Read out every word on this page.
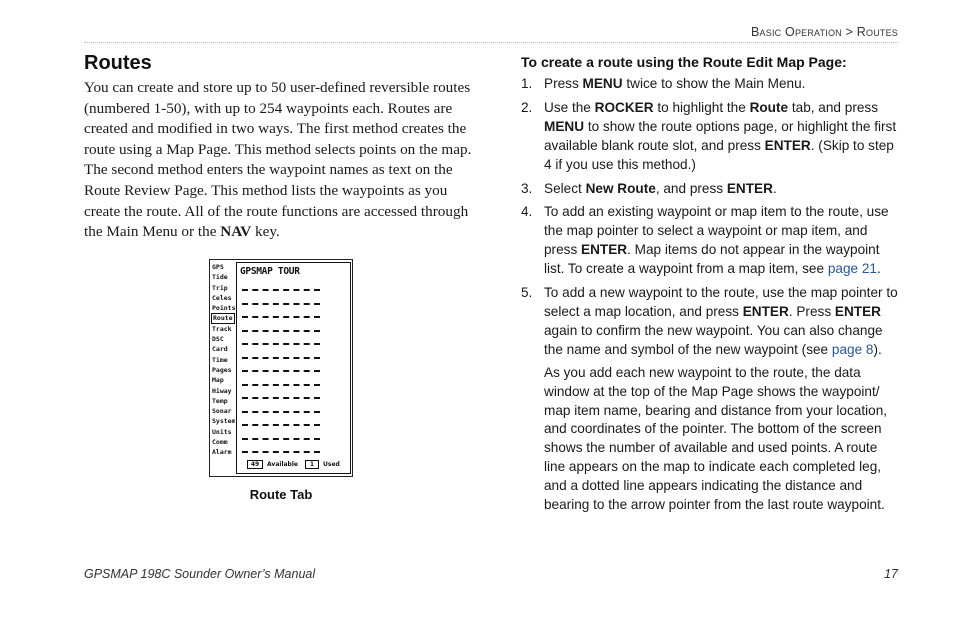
Basic Operation > Routes
Routes
You can create and store up to 50 user-defined reversible routes (numbered 1-50), with up to 254 waypoints each. Routes are created and modified in two ways. The first method creates the route using a Map Page. This method selects points on the map. The second method enters the waypoint names as text on the Route Review Page. This method lists the waypoints as you create the route. All of the route functions are accessed through the Main Menu or the NAV key.
GPS
Tide
Trip
Celes
Points
Route
Track
DSC
Card
Time
Pages
Map
Hiway
Temp
Sonar
System
Units
Comm
Alarm
GPSMAP TOUR
49	Available	1	Used
Route Tab
To create a route using the Route Edit Map Page:
1. Press MENU twice to show the Main Menu.
2. Use the ROCKER to highlight the Route tab, and press MENU to show the route options page, or highlight the first available blank route slot, and press ENTER. (Skip to step 4 if you use this method.)
3. Select New Route, and press ENTER.
4. To add an existing waypoint or map item to the route, use the map pointer to select a waypoint or map item, and press ENTER. Map items do not appear in the waypoint list. To create a waypoint from a map item, see page 21.
5. To add a new waypoint to the route, use the map pointer to select a map location, and press ENTER. Press ENTER again to confirm the new waypoint. You can also change the name and symbol of the new waypoint (see page 8).
As you add each new waypoint to the route, the data window at the top of the Map Page shows the waypoint/ map item name, bearing and distance from your location, and coordinates of the pointer. The bottom of the screen shows the number of available and used points. A route line appears on the map to indicate each completed leg, and a dotted line appears indicating the distance and bearing to the arrow pointer from the last route waypoint.
GPSMAP 198C Sounder Owner’s Manual	17
